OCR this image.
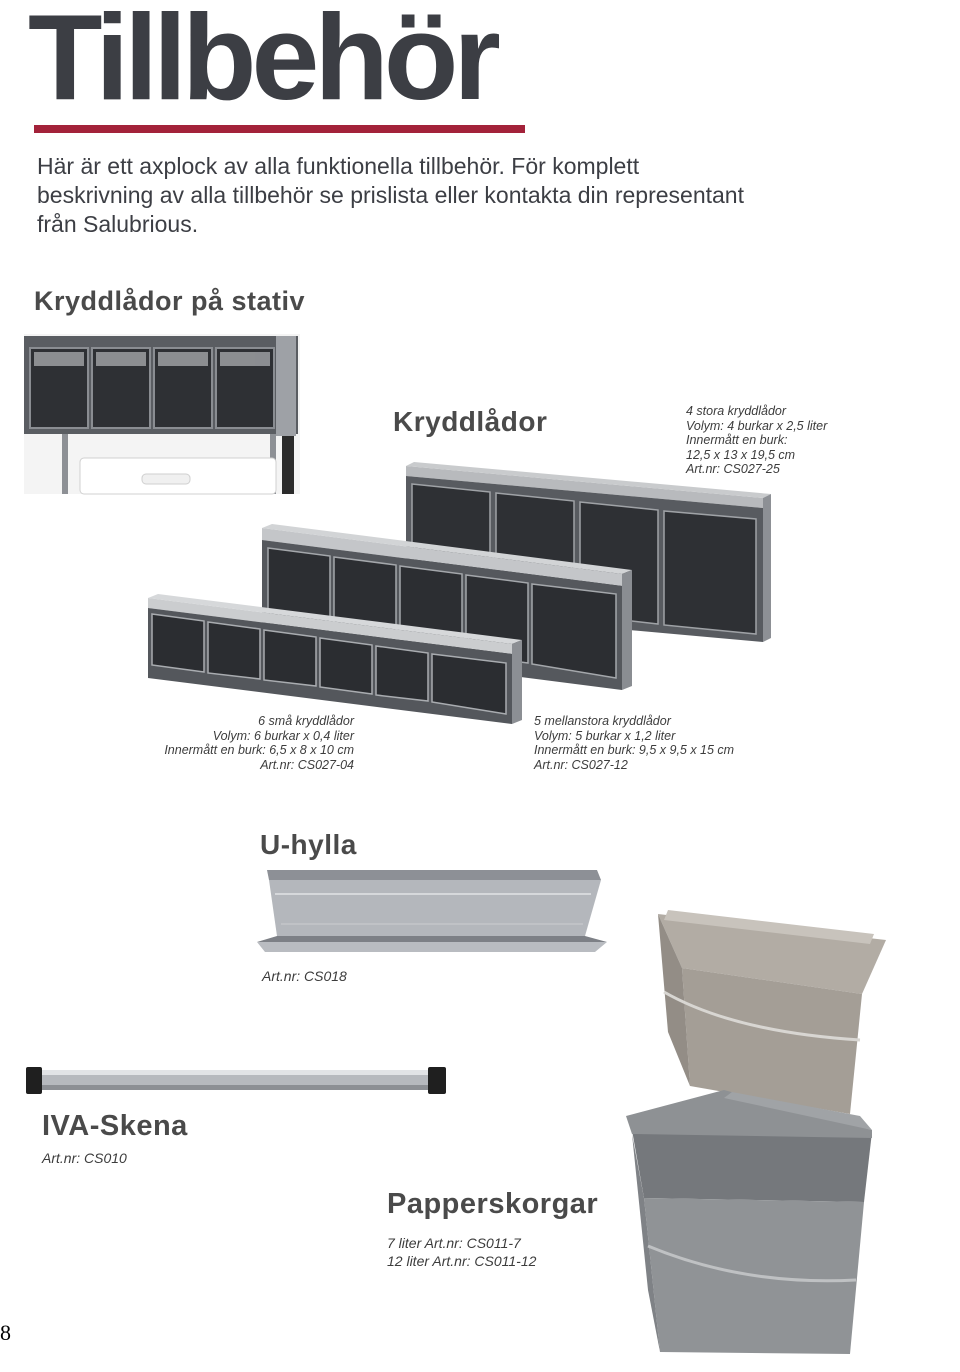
Tillbehör
Här är ett axplock av alla funktionella tillbehör. För komplett beskrivning av alla tillbehör se prislista eller kontakta din representant från Salubrious.
Kryddlådor på stativ
Kryddlådor	4 stora kryddlådor
Volym: 4 burkar x 2,5 liter
Innermått en burk:
12,5 x 13 x 19,5 cm
Art.nr: CS027-25
6 små kryddlådor
Volym: 6 burkar x 0,4 liter
Innermått en burk: 6,5 x 8 x 10 cm
Art.nr: CS027-04
5 mellanstora kryddlådor
Volym: 5 burkar x 1,2 liter
Innermått en burk: 9,5 x 9,5 x 15 cm
Art.nr: CS027-12
U-hylla
Art.nr: CS018
IVA-Skena
Art.nr: CS010
Papperskorgar
7 liter Art.nr: CS011-7
12 liter Art.nr: CS011-12
8
